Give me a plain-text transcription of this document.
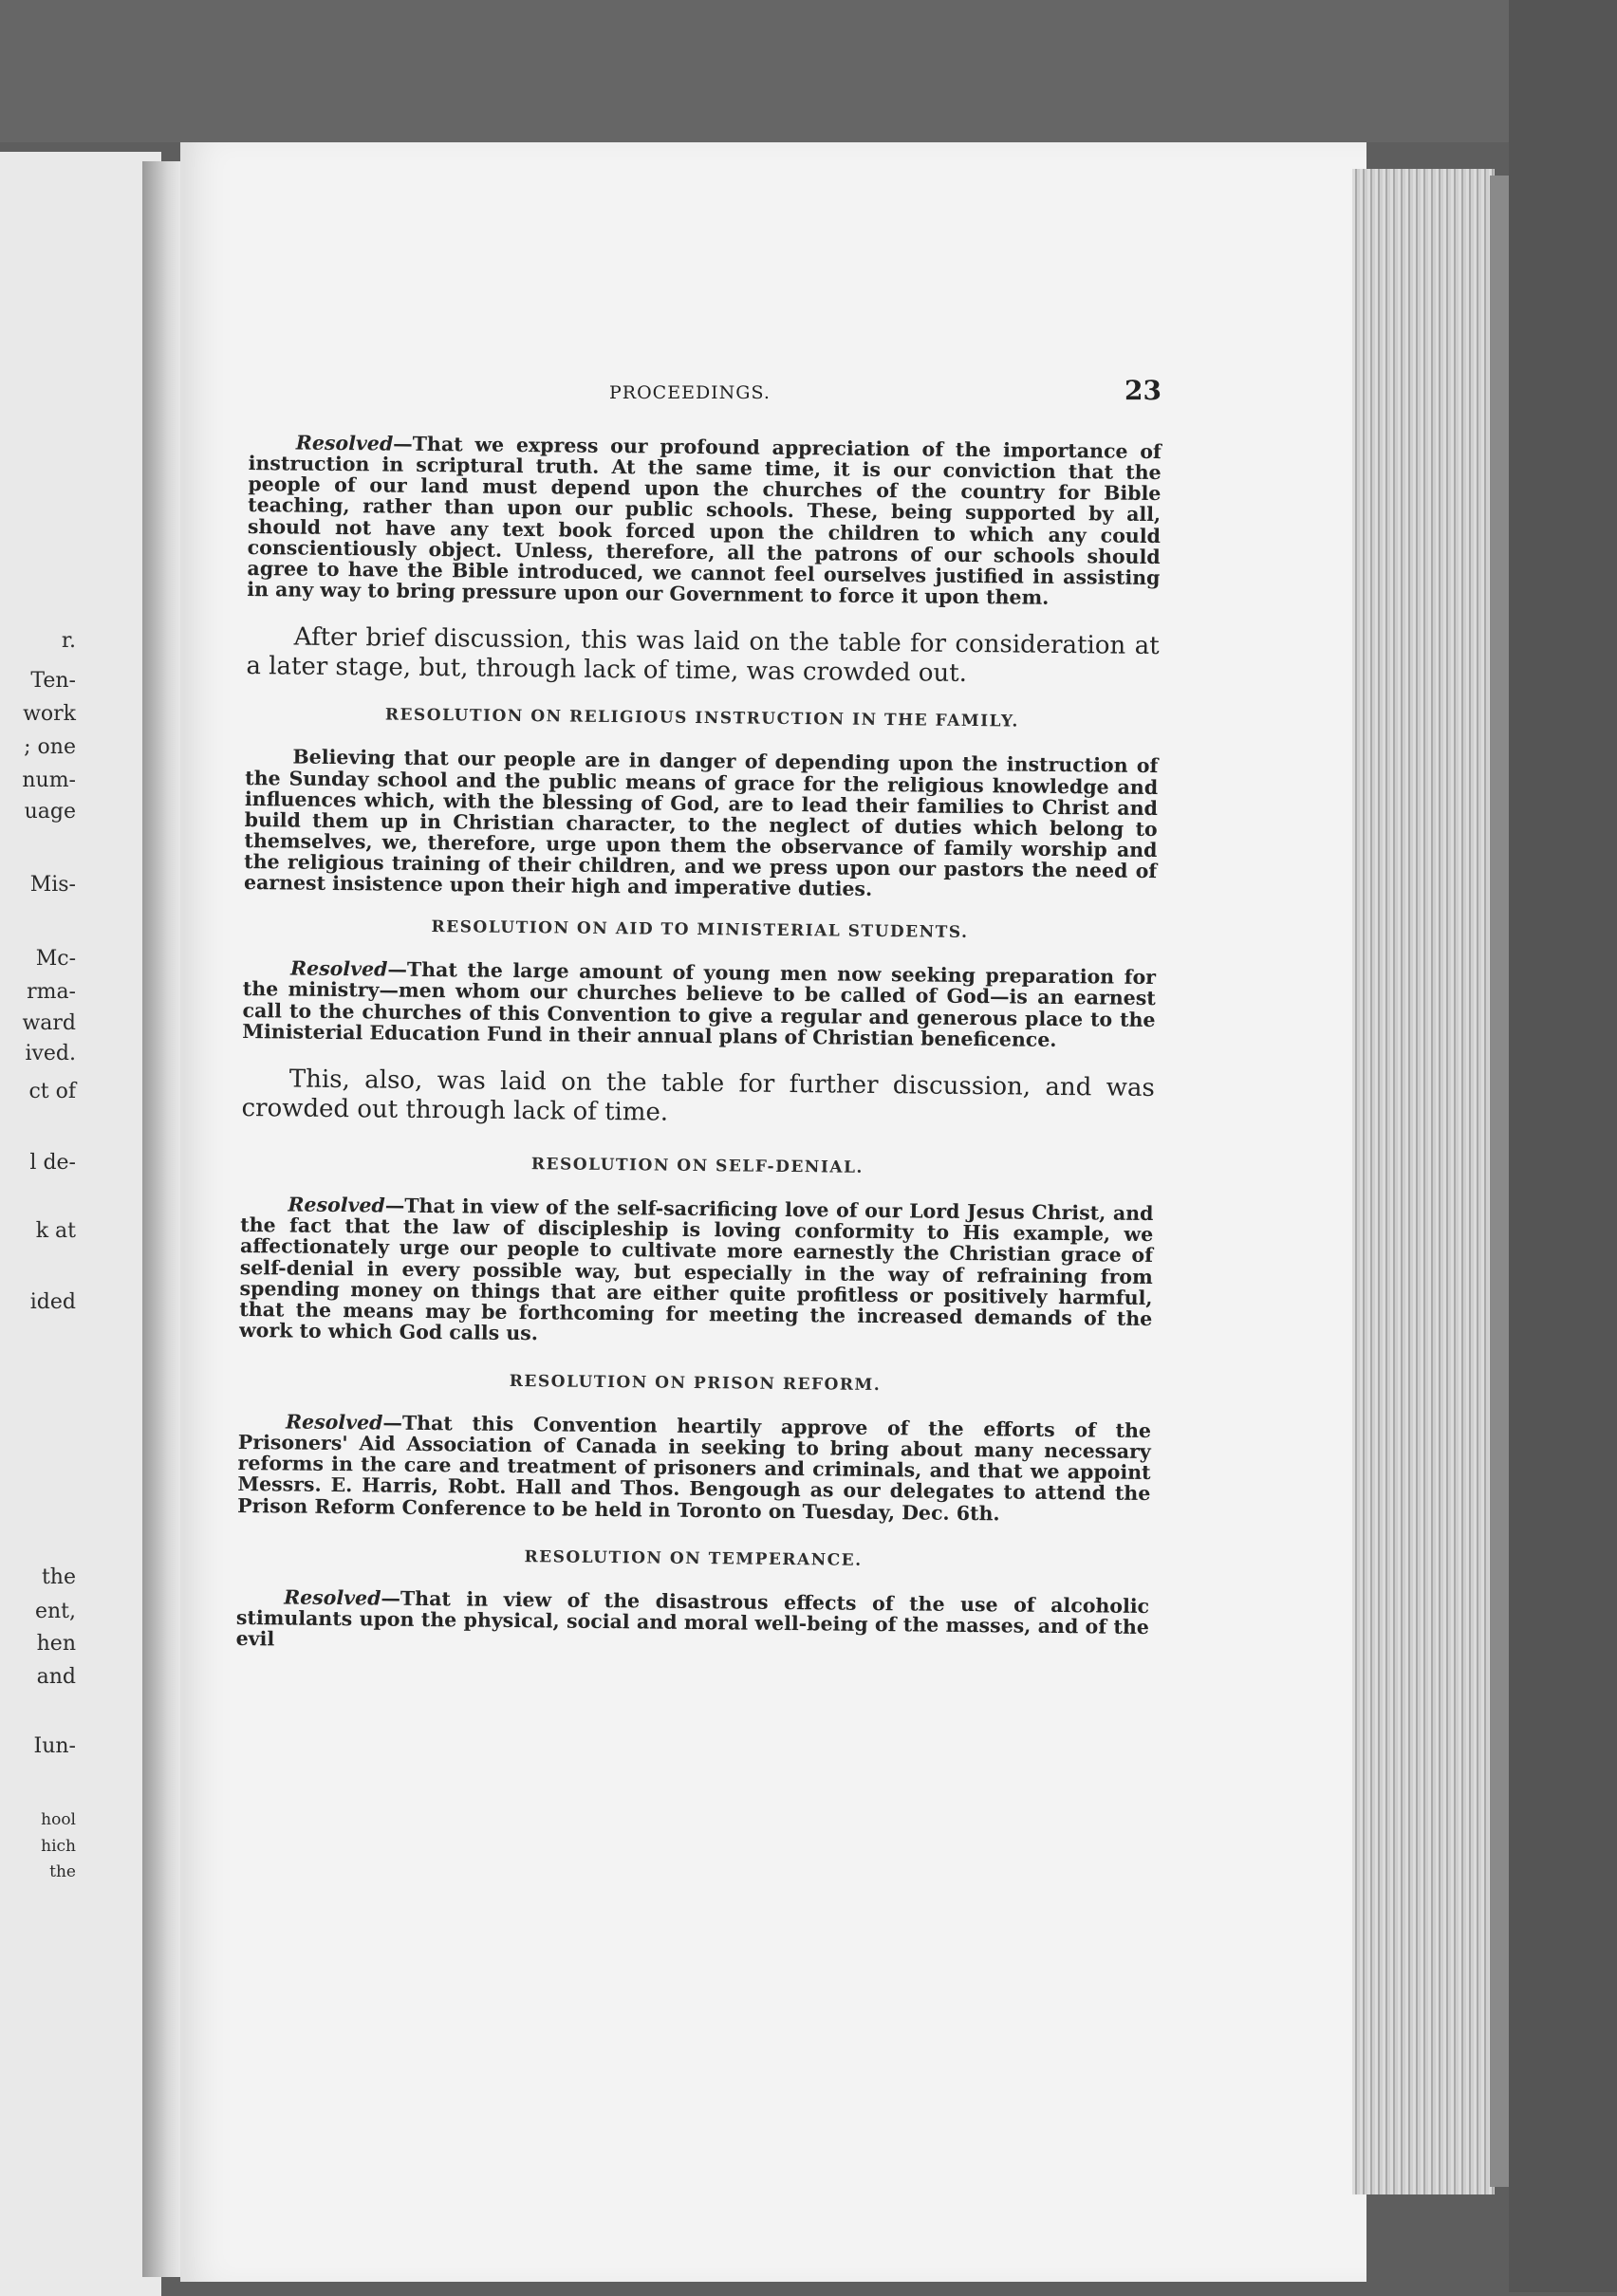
r.

Ten-

work

; one

num-

uage

Mis-

Mc-

rma-

ward

ived.

ct of

l de-

k at

ided

the

ent,

hen

and

Iun-

hool

hich

the

PROCEEDINGS.	23

Resolved—That we express our profound appreciation of the importance of instruction in scriptural truth. At the same time, it is our conviction that the people of our land must depend upon the churches of the country for Bible teaching, rather than upon our public schools. These, being supported by all, should not have any text book forced upon the children to which any could conscientiously object. Unless, therefore, all the patrons of our schools should agree to have the Bible introduced, we cannot feel ourselves justified in assisting in any way to bring pressure upon our Government to force it upon them.

After brief discussion, this was laid on the table for consideration at a later stage, but, through lack of time, was crowded out.

RESOLUTION ON RELIGIOUS INSTRUCTION IN THE FAMILY.

Believing that our people are in danger of depending upon the instruction of the Sunday school and the public means of grace for the religious knowledge and influences which, with the blessing of God, are to lead their families to Christ and build them up in Christian character, to the neglect of duties which belong to themselves, we, therefore, urge upon them the observance of family worship and the religious training of their children, and we press upon our pastors the need of earnest insistence upon their high and imperative duties.

RESOLUTION ON AID TO MINISTERIAL STUDENTS.

Resolved—That the large amount of young men now seeking preparation for the ministry—men whom our churches believe to be called of God—is an earnest call to the churches of this Convention to give a regular and generous place to the Ministerial Education Fund in their annual plans of Christian beneficence.

This, also, was laid on the table for further discussion, and was crowded out through lack of time.

RESOLUTION ON SELF-DENIAL.

Resolved—That in view of the self-sacrificing love of our Lord Jesus Christ, and the fact that the law of discipleship is loving conformity to His example, we affectionately urge our people to cultivate more earnestly the Christian grace of self-denial in every possible way, but especially in the way of refraining from spending money on things that are either quite profitless or positively harmful, that the means may be forthcoming for meeting the increased demands of the work to which God calls us.

RESOLUTION ON PRISON REFORM.

Resolved—That this Convention heartily approve of the efforts of the Prisoners' Aid Association of Canada in seeking to bring about many necessary reforms in the care and treatment of prisoners and criminals, and that we appoint Messrs. E. Harris, Robt. Hall and Thos. Bengough as our delegates to attend the Prison Reform Conference to be held in Toronto on Tuesday, Dec. 6th.

RESOLUTION ON TEMPERANCE.

Resolved—That in view of the disastrous effects of the use of alcoholic stimulants upon the physical, social and moral well-being of the masses, and of the evil
